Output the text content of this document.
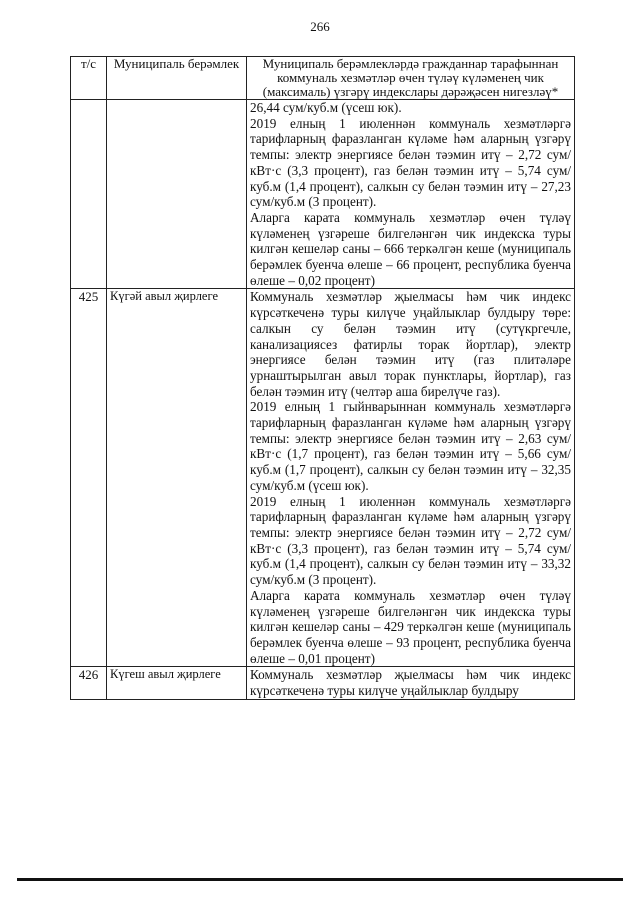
266
т/с	Муниципаль берәмлек	Муниципаль берәмлекләрдә гражданнар тарафыннан коммуналь хезмәтләр өчен түләү күләменең чик (максималь) үзгәрү индекслары дәрәҗәсен нигезләү*

		26,44 сум/куб.м (үсеш юк).

2019 елның 1 июленнән коммуналь хезмәтләргә тарифларның фаразланган күләме һәм аларның үзгәрү темпы: электр энергиясе белән тәэмин итү – 2,72 сум/кВт·с (3,3 процент), газ белән тәэмин итү – 5,74 сум/куб.м (1,4 процент), салкын су белән тәэмин итү – 27,23 сум/куб.м (3 процент).

Аларга карата коммуналь хезмәтләр өчен түләү күләменең үзгәреше билгеләнгән чик индекска туры килгән кешеләр саны – 666 теркәлгән кеше (муниципаль берәмлек буенча өлеше – 66 процент, республика буенча өлеше – 0,02 процент)

425	Күгәй авыл җирлеге	Коммуналь хезмәтләр җыелмасы һәм чик индекс күрсәткеченә туры килүче уңайлыклар булдыру төре: салкын су белән тәэмин итү (сутүкргечле, канализациясез фатирлы торак йортлар), электр энергиясе белән тәэмин итү (газ плитәләре урнаштырылган авыл торак пунктлары, йортлар), газ белән тәэмин итү (челтәр аша бирелүче газ).

2019 елның 1 гыйнварыннан коммуналь хезмәтләргә тарифларның фаразланган күләме һәм аларның үзгәрү темпы: электр энергиясе белән тәэмин итү – 2,63 сум/кВт·с (1,7 процент), газ белән тәэмин итү – 5,66 сум/куб.м (1,7 процент), салкын су белән тәэмин итү – 32,35 сум/куб.м (үсеш юк).

2019 елның 1 июленнән коммуналь хезмәтләргә тарифларның фаразланган күләме һәм аларның үзгәрү темпы: электр энергиясе белән тәэмин итү – 2,72 сум/кВт·с (3,3 процент), газ белән тәэмин итү – 5,74 сум/куб.м (1,4 процент), салкын су белән тәэмин итү – 33,32 сум/куб.м (3 процент).

Аларга карата коммуналь хезмәтләр өчен түләү күләменең үзгәреше билгеләнгән чик индекска туры килгән кешеләр саны – 429 теркәлгән кеше (муниципаль берәмлек буенча өлеше – 93 процент, республика буенча өлеше – 0,01 процент)

426	Күгеш авыл җирлеге	Коммуналь хезмәтләр җыелмасы һәм чик индекс күрсәткеченә туры килүче уңайлыклар булдыру
